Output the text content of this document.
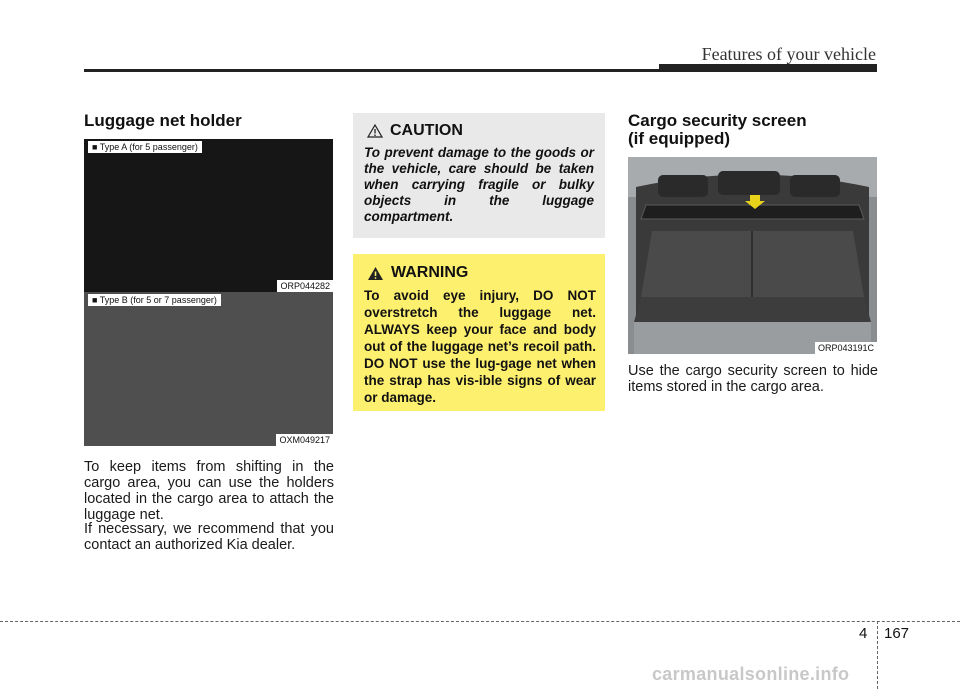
Features of your vehicle
Luggage net holder
■ Type A (for 5 passenger)
ORP044282
■ Type B (for 5 or 7 passenger)
OXM049217

To keep items from shifting in the cargo area, you can use the holders located in the cargo area to attach the luggage net.

If necessary, we recommend that you contact an authorized Kia dealer.

CAUTION

To prevent damage to the goods or the vehicle, care should be taken when carrying fragile or bulky objects in the luggage compartment.

WARNING

To avoid eye injury, DO NOT overstretch the luggage net. ALWAYS keep your face and body out of the luggage net’s recoil path. DO NOT use the lug-gage net when the strap has vis-ible signs of wear or damage.

Cargo security screen
(if equipped)
ORP043191C

Use the cargo security screen to hide items stored in the cargo area.

4 167
carmanualsonline.info
